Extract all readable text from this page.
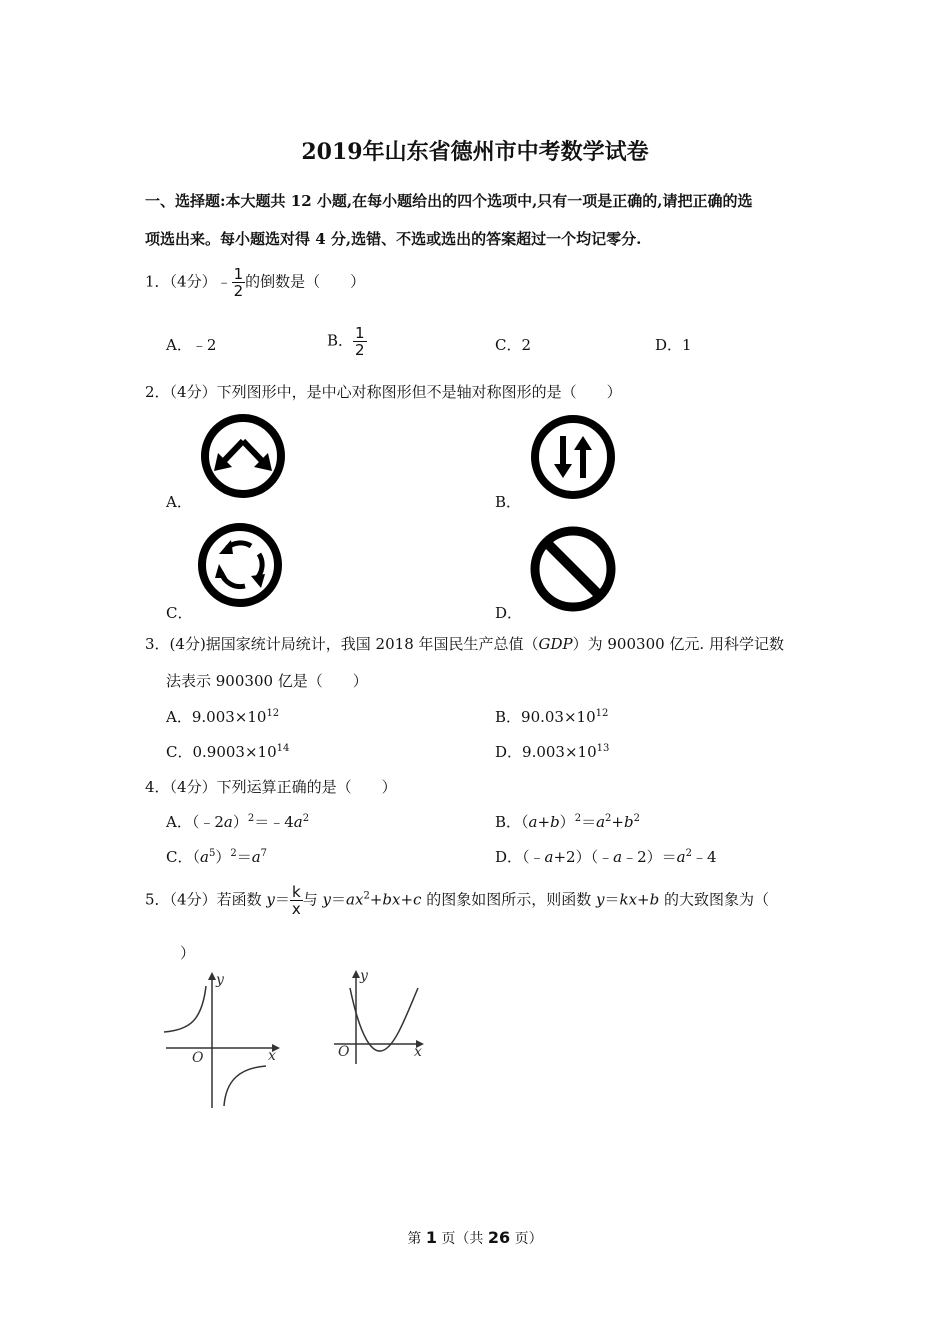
2019年山东省德州市中考数学试卷
一、选择题:本大题共 12 小题,在每小题给出的四个选项中,只有一项是正确的,请把正确的选
项选出来。每小题选对得 4 分,选错、不选或选出的答案超过一个均记零分.
1．（4分）﹣ $\frac{1}{2}$ 的倒数是（　　）
A．﹣2	B． $\frac{1}{2}$	C．2	D．1
2．（4分）下列图形中，是中心对称图形但不是轴对称图形的是（　　）
A．	B．
C．	D．
3．(4分)据国家统计局统计，我国 2018 年国民生产总值（GDP）为 900300 亿元. 用科学记数
法表示 900300 亿是（　　）
A．$9.003\times 10^{12}$	B．$90.03\times 10^{12}$
C．$0.9003\times 10^{14}$	D．$9.003\times 10^{13}$
4．（4分）下列运算正确的是（　　）
A．$(﹣2a)^2=﹣4a^2$	B．$(a+b)^2=a^2+b^2$
C．$(a^5)^2=a^7$	D．$(﹣a+2)(﹣a﹣2)=a^2﹣4$
5．（4分）若函数 $y= \frac{k}{x}$ 与 $y=ax^2+bx+c$ 的图象如图所示，则函数 y＝kx+b 的大致图象为（
）
y
x
O
y
x
O
第 1 页（共 26 页）
